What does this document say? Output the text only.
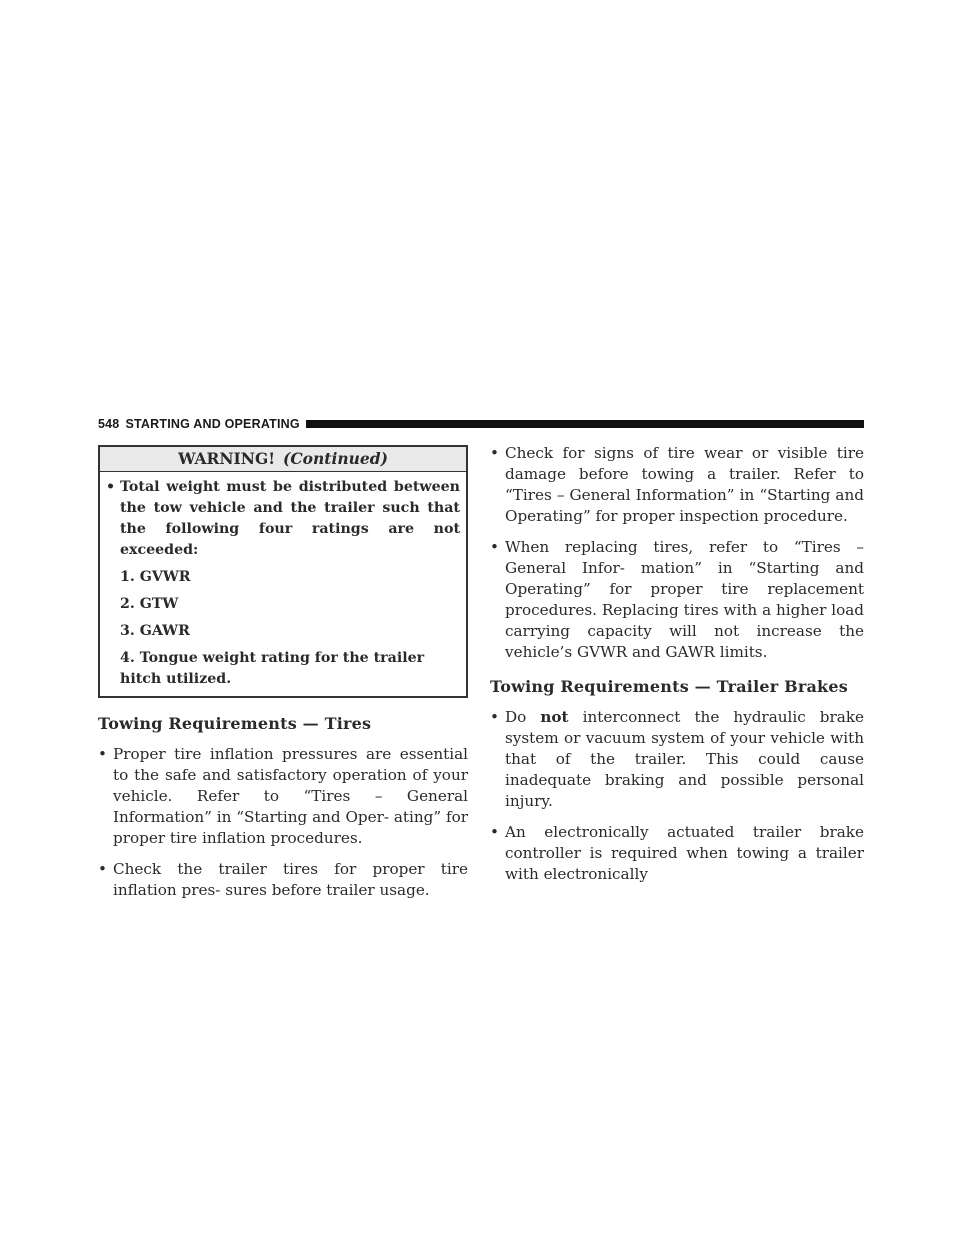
548 STARTING AND OPERATING
WARNING! (Continued)
• Total weight must be distributed between the tow vehicle and the trailer such that the following four ratings are not exceeded:
1. GVWR
2. GTW
3. GAWR
4. Tongue weight rating for the trailer hitch utilized.
Towing Requirements — Tires
• Proper tire inflation pressures are essential to the safe and satisfactory operation of your vehicle. Refer to “Tires – General Information” in “Starting and Oper- ating” for proper tire inflation procedures.
• Check the trailer tires for proper tire inflation pres- sures before trailer usage.
• Check for signs of tire wear or visible tire damage before towing a trailer. Refer to “Tires – General Information” in “Starting and Operating” for proper inspection procedure.
• When replacing tires, refer to “Tires – General Infor- mation” in “Starting and Operating” for proper tire replacement procedures. Replacing tires with a higher load carrying capacity will not increase the vehicle’s GVWR and GAWR limits.
Towing Requirements — Trailer Brakes
• Do not interconnect the hydraulic brake system or vacuum system of your vehicle with that of the trailer. This could cause inadequate braking and possible personal injury.
• An electronically actuated trailer brake controller is required when towing a trailer with electronically
